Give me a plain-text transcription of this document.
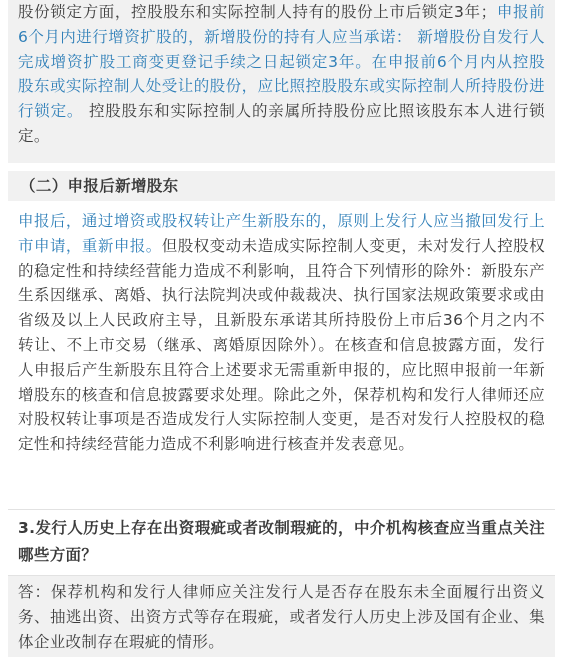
股份锁定方面，控股股东和实际控制人持有的股份上市后锁定3年；申报前6个月内进行增资扩股的，新增股份的持有人应当承诺： 新增股份自发行人完成增资扩股工商变更登记手续之日起锁定3年。在申报前6个月内从控股股东或实际控制人处受让的股份，应比照控股股东或实际控制人所持股份进行锁定。 控股股东和实际控制人的亲属所持股份应比照该股东本人进行锁定。

（二）申报后新增股东

申报后，通过增资或股权转让产生新股东的，原则上发行人应当撤回发行上市申请，重新申报。但股权变动未造成实际控制人变更，未对发行人控股权的稳定性和持续经营能力造成不利影响，且符合下列情形的除外：新股东产生系因继承、离婚、执行法院判决或仲裁裁决、执行国家法规政策要求或由省级及以上人民政府主导，且新股东承诺其所持股份上市后36个月之内不转让、不上市交易（继承、离婚原因除外）。在核查和信息披露方面，发行人申报后产生新股东且符合上述要求无需重新申报的，应比照申报前一年新增股东的核查和信息披露要求处理。除此之外，保荐机构和发行人律师还应对股权转让事项是否造成发行人实际控制人变更，是否对发行人控股权的稳定性和持续经营能力造成不利影响进行核查并发表意见。

3.发行人历史上存在出资瑕疵或者改制瑕疵的，中介机构核查应当重点关注哪些方面？

答：保荐机构和发行人律师应关注发行人是否存在股东未全面履行出资义务、抽逃出资、出资方式等存在瑕疵，或者发行人历史上涉及国有企业、集体企业改制存在瑕疵的情形。
